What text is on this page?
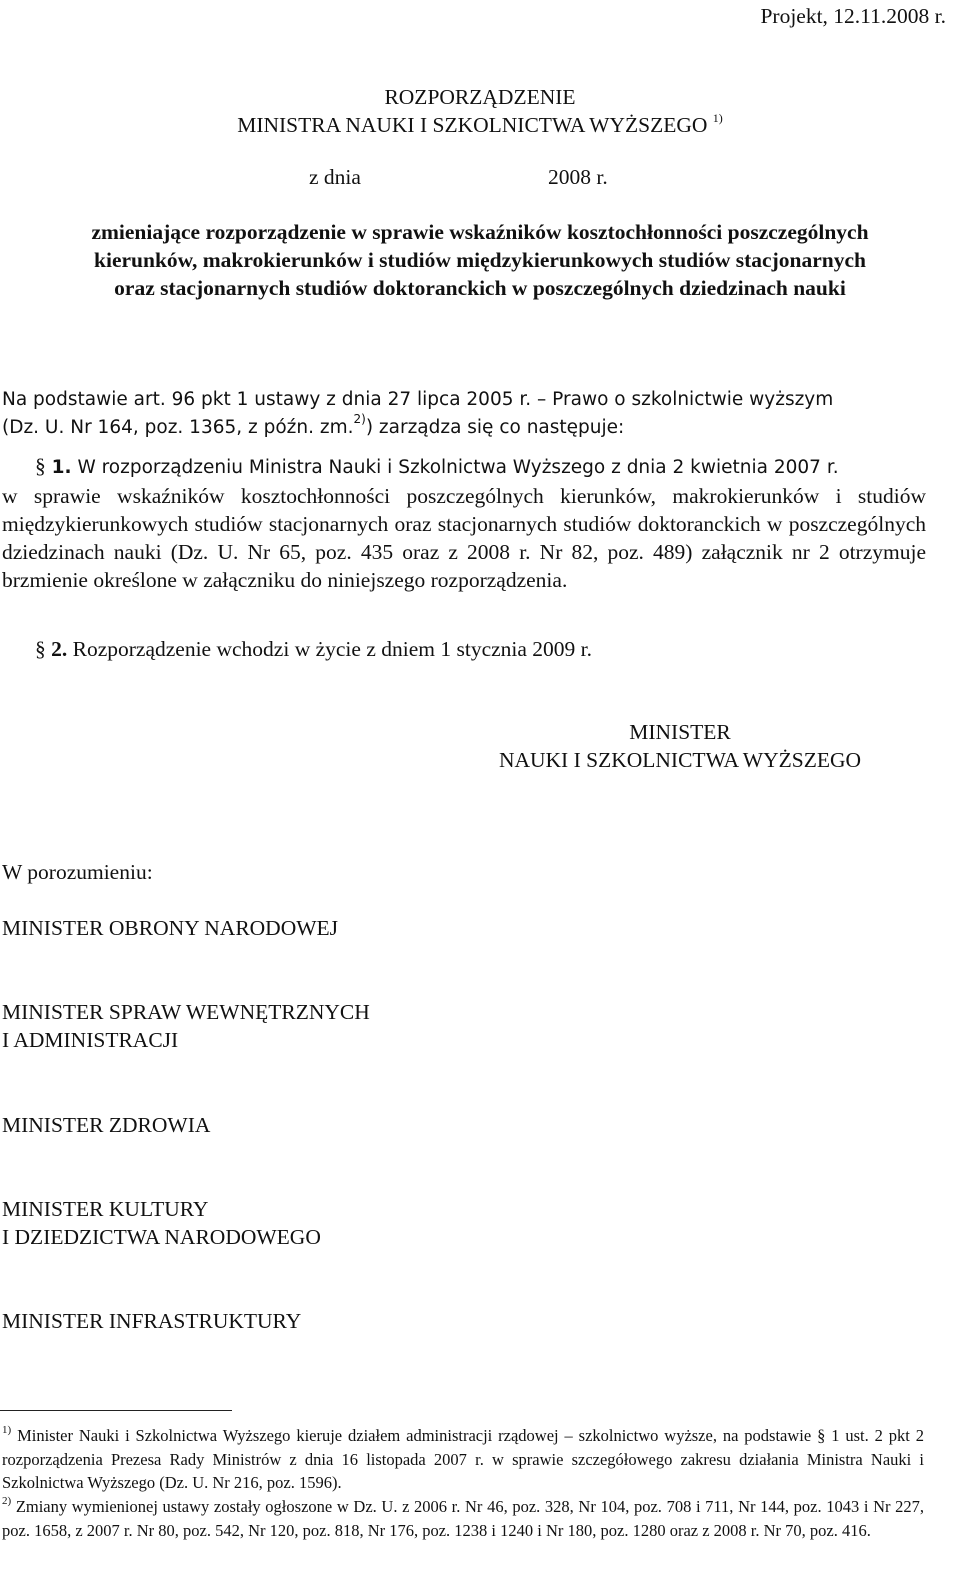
Projekt, 12.11.2008 r.
ROZPORZĄDZENIE
MINISTRA NAUKI I SZKOLNICTWA WYŻSZEGO $^{1)}$
z dnia	2008 r.
zmieniające rozporządzenie w sprawie wskaźników kosztochłonności poszczególnych
kierunków, makrokierunków i studiów międzykierunkowych studiów stacjonarnych
oraz stacjonarnych studiów doktoranckich w poszczególnych dziedzinach nauki
Na podstawie art. 96 pkt 1 ustawy z dnia 27 lipca 2005 r. – Prawo o szkolnictwie wyższym
(Dz. U. Nr 164, poz. 1365, z późn. zm.$^{2)}$) zarządza się co następuje:
§ 1. W rozporządzeniu Ministra Nauki i Szkolnictwa Wyższego z dnia 2 kwietnia 2007 r.
w sprawie wskaźników kosztochłonności poszczególnych kierunków, makrokierunków i studiów międzykierunkowych studiów stacjonarnych oraz stacjonarnych studiów doktoranckich w poszczególnych dziedzinach nauki (Dz. U. Nr 65, poz. 435 oraz z 2008 r. Nr 82, poz. 489) załącznik nr 2 otrzymuje brzmienie określone w załączniku do niniejszego rozporządzenia.
§ 2. Rozporządzenie wchodzi w życie z dniem 1 stycznia 2009 r.
MINISTER
NAUKI I SZKOLNICTWA WYŻSZEGO
W porozumieniu:
MINISTER OBRONY NARODOWEJ
MINISTER SPRAW WEWNĘTRZNYCH
I ADMINISTRACJI
MINISTER ZDROWIA
MINISTER KULTURY
I DZIEDZICTWA NARODOWEGO
MINISTER INFRASTRUKTURY
$^{1)}$ Minister Nauki i Szkolnictwa Wyższego kieruje działem administracji rządowej – szkolnictwo wyższe, na podstawie § 1 ust. 2 pkt 2 rozporządzenia Prezesa Rady Ministrów z dnia 16 listopada 2007 r. w sprawie szczegółowego zakresu działania Ministra Nauki i Szkolnictwa Wyższego (Dz. U. Nr 216, poz. 1596).
$^{2)}$ Zmiany wymienionej ustawy zostały ogłoszone w Dz. U. z 2006 r. Nr 46, poz. 328, Nr 104, poz. 708 i 711, Nr 144, poz. 1043 i Nr 227, poz. 1658, z 2007 r. Nr 80, poz. 542, Nr 120, poz. 818, Nr 176, poz. 1238 i 1240 i Nr 180, poz. 1280 oraz z 2008 r. Nr 70, poz. 416.
